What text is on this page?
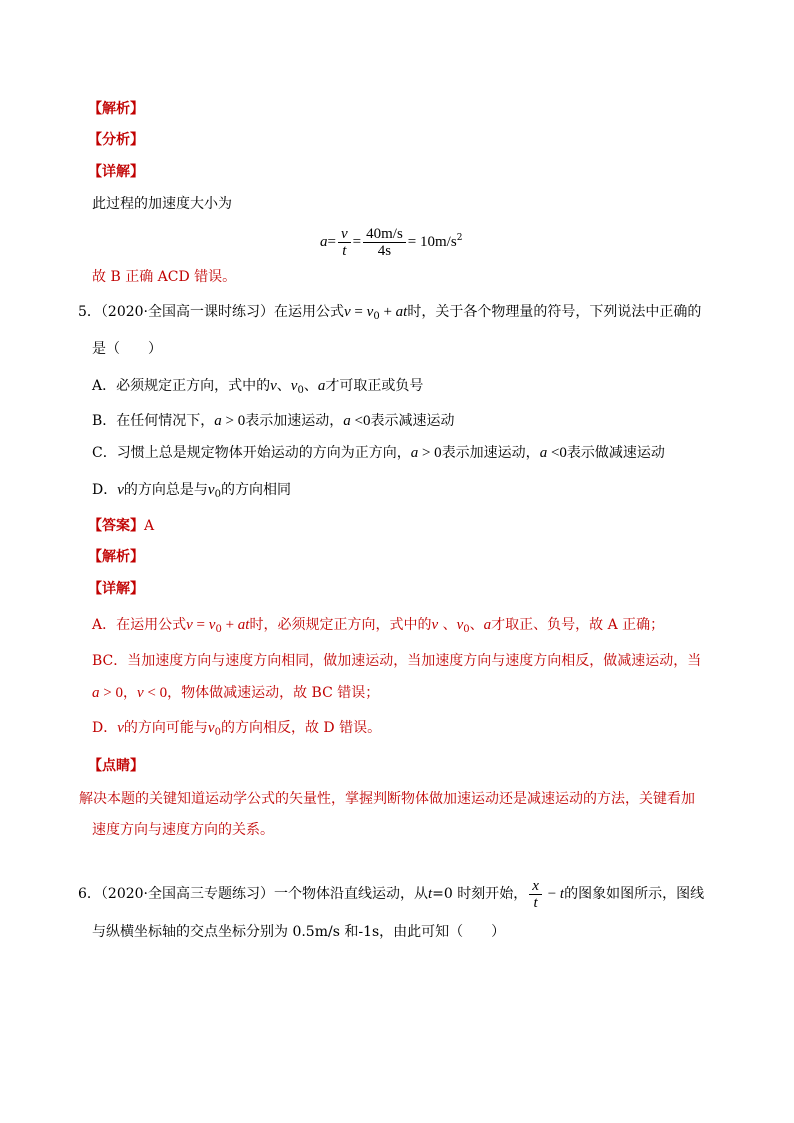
【解析】
【分析】
【详解】
此过程的加速度大小为
$a= \frac{v}{t} = \frac{40m/s}{4s} = 10m/s^2$
故 B 正确 ACD 错误。
5．（2020·全国高一课时练习）在运用公式$v = v_0$ + at时，关于各个物理量的符号，下列说法中正确的
是（　　）
A．必须规定正方向，式中的v、$v_0$、a才可取正或负号
B．在任何情况下，a > 0表示加速运动，a <0表示减速运动
C．习惯上总是规定物体开始运动的方向为正方向，a > 0表示加速运动，a <0表示做减速运动
D．v的方向总是与$v_0$的方向相同
【答案】A
【解析】
【详解】
A．在运用公式$v = v_0$ + at时，必须规定正方向，式中的v 、$v_0$、a才取正、负号，故 A 正确；
BC．当加速度方向与速度方向相同，做加速运动，当加速度方向与速度方向相反，做减速运动，当
a > 0，v < 0，物体做减速运动，故 BC 错误；
D．v的方向可能与$v_0$的方向相反，故 D 错误。
【点睛】
解决本题的关键知道运动学公式的矢量性，掌握判断物体做加速运动还是减速运动的方法，关键看加
速度方向与速度方向的关系。
6．（2020·全国高三专题练习）一个物体沿直线运动，从t=0 时刻开始， $\frac{x}{t} - t$的图象如图所示，图线
与纵横坐标轴的交点坐标分别为 0.5m/s 和-1s，由此可知（　　）
